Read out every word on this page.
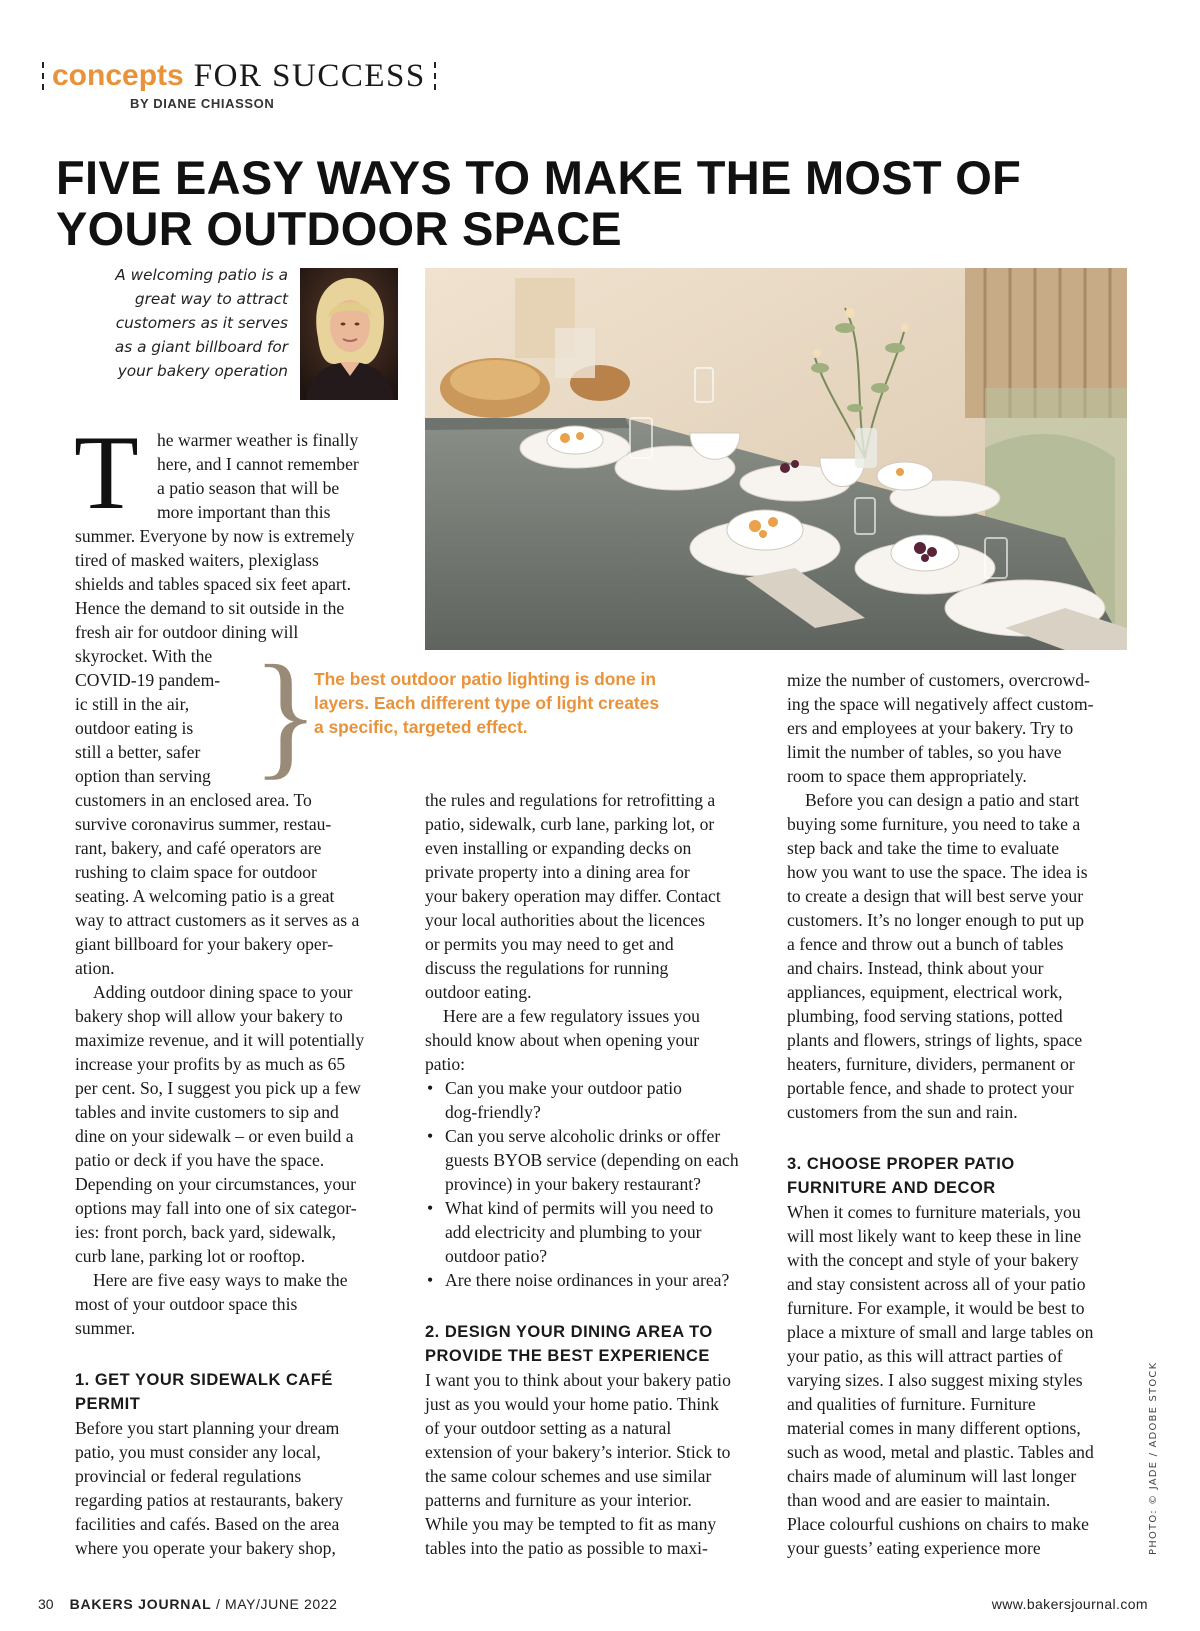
concepts FOR SUCCESS
BY DIANE CHIASSON
FIVE EASY WAYS TO MAKE THE MOST OF YOUR OUTDOOR SPACE
A welcoming patio is a
great way to attract
customers as it serves
as a giant billboard for
your bakery operation
PHOTO: © JADE / ADOBE STOCK
T he warmer weather is finally
here, and I cannot remember
a patio season that will be
more important than this
summer. Everyone by now is extremely
tired of masked waiters, plexiglass
shields and tables spaced six feet apart.
Hence the demand to sit outside in the
fresh air for outdoor dining will
skyrocket. With the
COVID-19 pandem-
ic still in the air,
outdoor eating is
still a better, safer
option than serving
customers in an enclosed area. To
survive coronavirus summer, restau-
rant, bakery, and café operators are
rushing to claim space for outdoor
seating. A welcoming patio is a great
way to attract customers as it serves as a
giant billboard for your bakery oper-
ation.
Adding outdoor dining space to your
bakery shop will allow your bakery to
maximize revenue, and it will potentially
increase your profits by as much as 65
per cent. So, I suggest you pick up a few
tables and invite customers to sip and
dine on your sidewalk – or even build a
patio or deck if you have the space.
Depending on your circumstances, your
options may fall into one of six categor-
ies: front porch, back yard, sidewalk,
curb lane, parking lot or rooftop.
Here are five easy ways to make the
most of your outdoor space this
summer.
1. GET YOUR SIDEWALK CAFÉ
PERMIT
Before you start planning your dream
patio, you must consider any local,
provincial or federal regulations
regarding patios at restaurants, bakery
facilities and cafés. Based on the area
where you operate your bakery shop,
}
The best outdoor patio lighting is done in
layers. Each different type of light creates
a specific, targeted effect.
the rules and regulations for retrofitting a
patio, sidewalk, curb lane, parking lot, or
even installing or expanding decks on
private property into a dining area for
your bakery operation may differ. Contact
your local authorities about the licences
or permits you may need to get and
discuss the regulations for running
outdoor eating.
Here are a few regulatory issues you
should know about when opening your
patio:
• Can you make your outdoor patio
dog-friendly?
• Can you serve alcoholic drinks or offer
guests BYOB service (depending on each
province) in your bakery restaurant?
• What kind of permits will you need to
add electricity and plumbing to your
outdoor patio?
• Are there noise ordinances in your area?
2. DESIGN YOUR DINING AREA TO
PROVIDE THE BEST EXPERIENCE
I want you to think about your bakery patio
just as you would your home patio. Think
of your outdoor setting as a natural
extension of your bakery’s interior. Stick to
the same colour schemes and use similar
patterns and furniture as your interior.
While you may be tempted to fit as many
tables into the patio as possible to maxi-
mize the number of customers, overcrowd-
ing the space will negatively affect custom-
ers and employees at your bakery. Try to
limit the number of tables, so you have
room to space them appropriately.
Before you can design a patio and start
buying some furniture, you need to take a
step back and take the time to evaluate
how you want to use the space. The idea is
to create a design that will best serve your
customers. It’s no longer enough to put up
a fence and throw out a bunch of tables
and chairs. Instead, think about your
appliances, equipment, electrical work,
plumbing, food serving stations, potted
plants and flowers, strings of lights, space
heaters, furniture, dividers, permanent or
portable fence, and shade to protect your
customers from the sun and rain.
3. CHOOSE PROPER PATIO
FURNITURE AND DECOR
When it comes to furniture materials, you
will most likely want to keep these in line
with the concept and style of your bakery
and stay consistent across all of your patio
furniture. For example, it would be best to
place a mixture of small and large tables on
your patio, as this will attract parties of
varying sizes. I also suggest mixing styles
and qualities of furniture. Furniture
material comes in many different options,
such as wood, metal and plastic. Tables and
chairs made of aluminum will last longer
than wood and are easier to maintain.
Place colourful cushions on chairs to make
your guests’ eating experience more
30 BAKERS JOURNAL / MAY/JUNE 2022	www.bakersjournal.com
